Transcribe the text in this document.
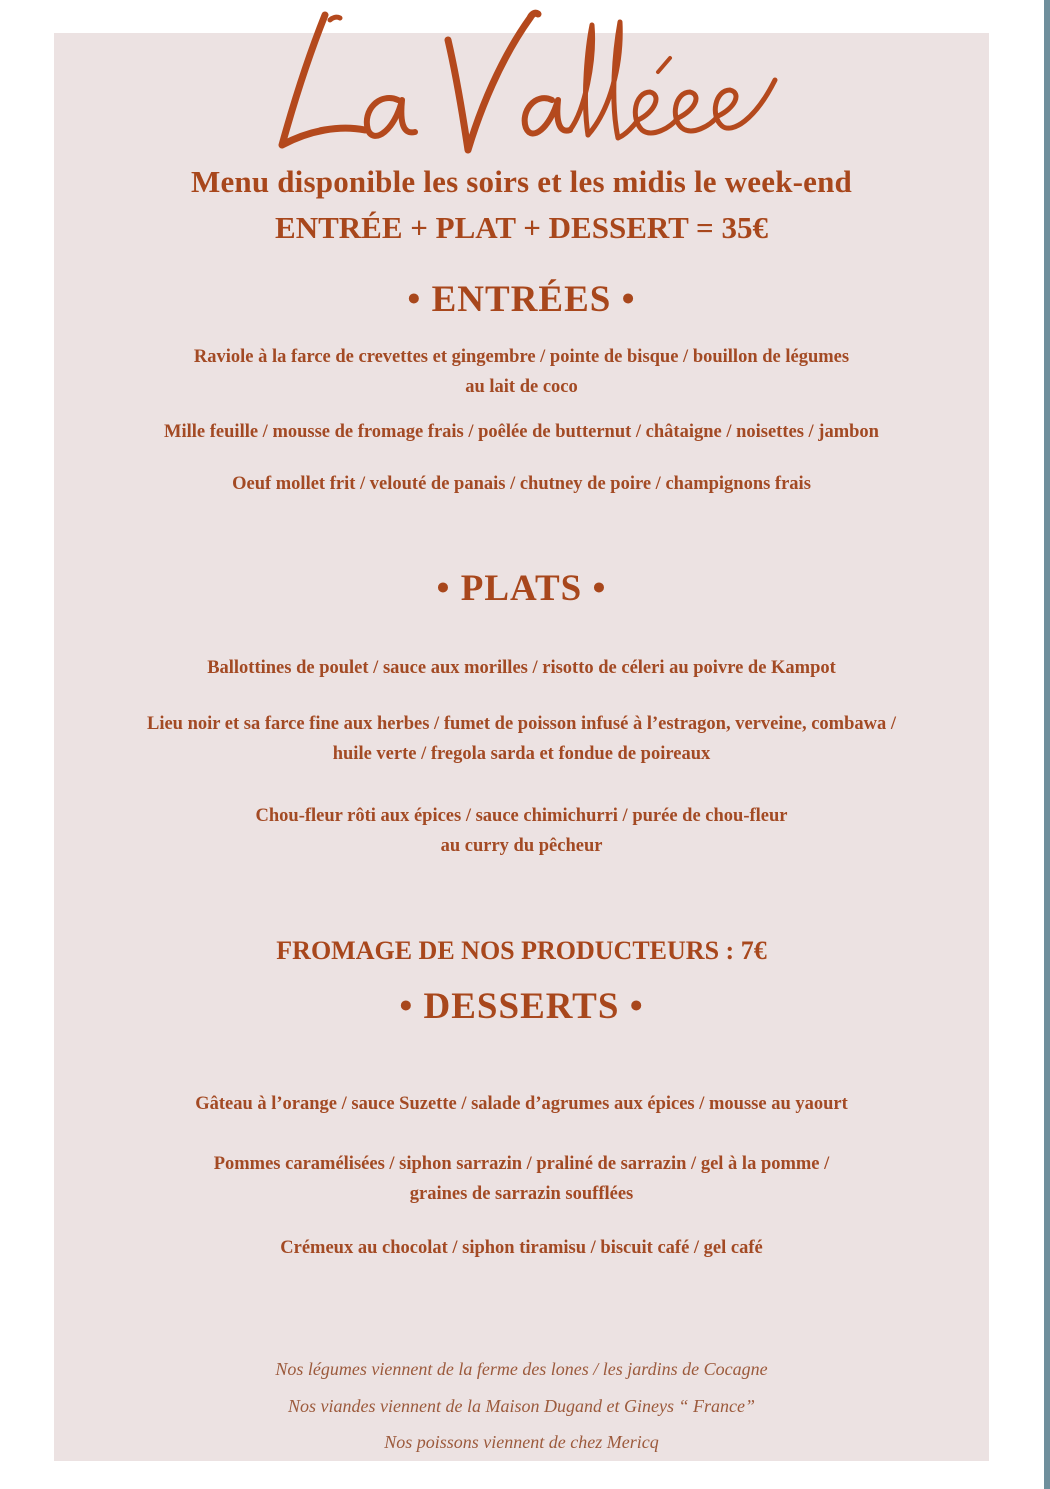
Menu disponible les soirs et les midis le week-end
ENTRÉE + PLAT + DESSERT = 35€
• ENTRÉES •
Raviole à la farce de crevettes et gingembre / pointe de bisque / bouillon de légumes
au lait de coco
Mille feuille / mousse de fromage frais / poêlée de butternut / châtaigne / noisettes / jambon
Oeuf mollet frit / velouté de panais / chutney de poire / champignons frais
• PLATS •
Ballottines de poulet / sauce aux morilles / risotto de céleri au poivre de Kampot
Lieu noir et sa farce fine aux herbes / fumet de poisson infusé à l’estragon, verveine, combawa /
huile verte / fregola sarda et fondue de poireaux
Chou-fleur rôti aux épices / sauce chimichurri / purée de chou-fleur
au curry du pêcheur
FROMAGE DE NOS PRODUCTEURS : 7€
• DESSERTS •
Gâteau à l’orange / sauce Suzette / salade d’agrumes aux épices / mousse au yaourt
Pommes caramélisées / siphon sarrazin / praliné de sarrazin / gel à la pomme /
graines de sarrazin soufflées
Crémeux au chocolat / siphon tiramisu / biscuit café / gel café
Nos légumes viennent de la ferme des lones / les jardins de Cocagne
Nos viandes viennent de la Maison Dugand et Gineys “ France”
Nos poissons viennent de chez Mericq
